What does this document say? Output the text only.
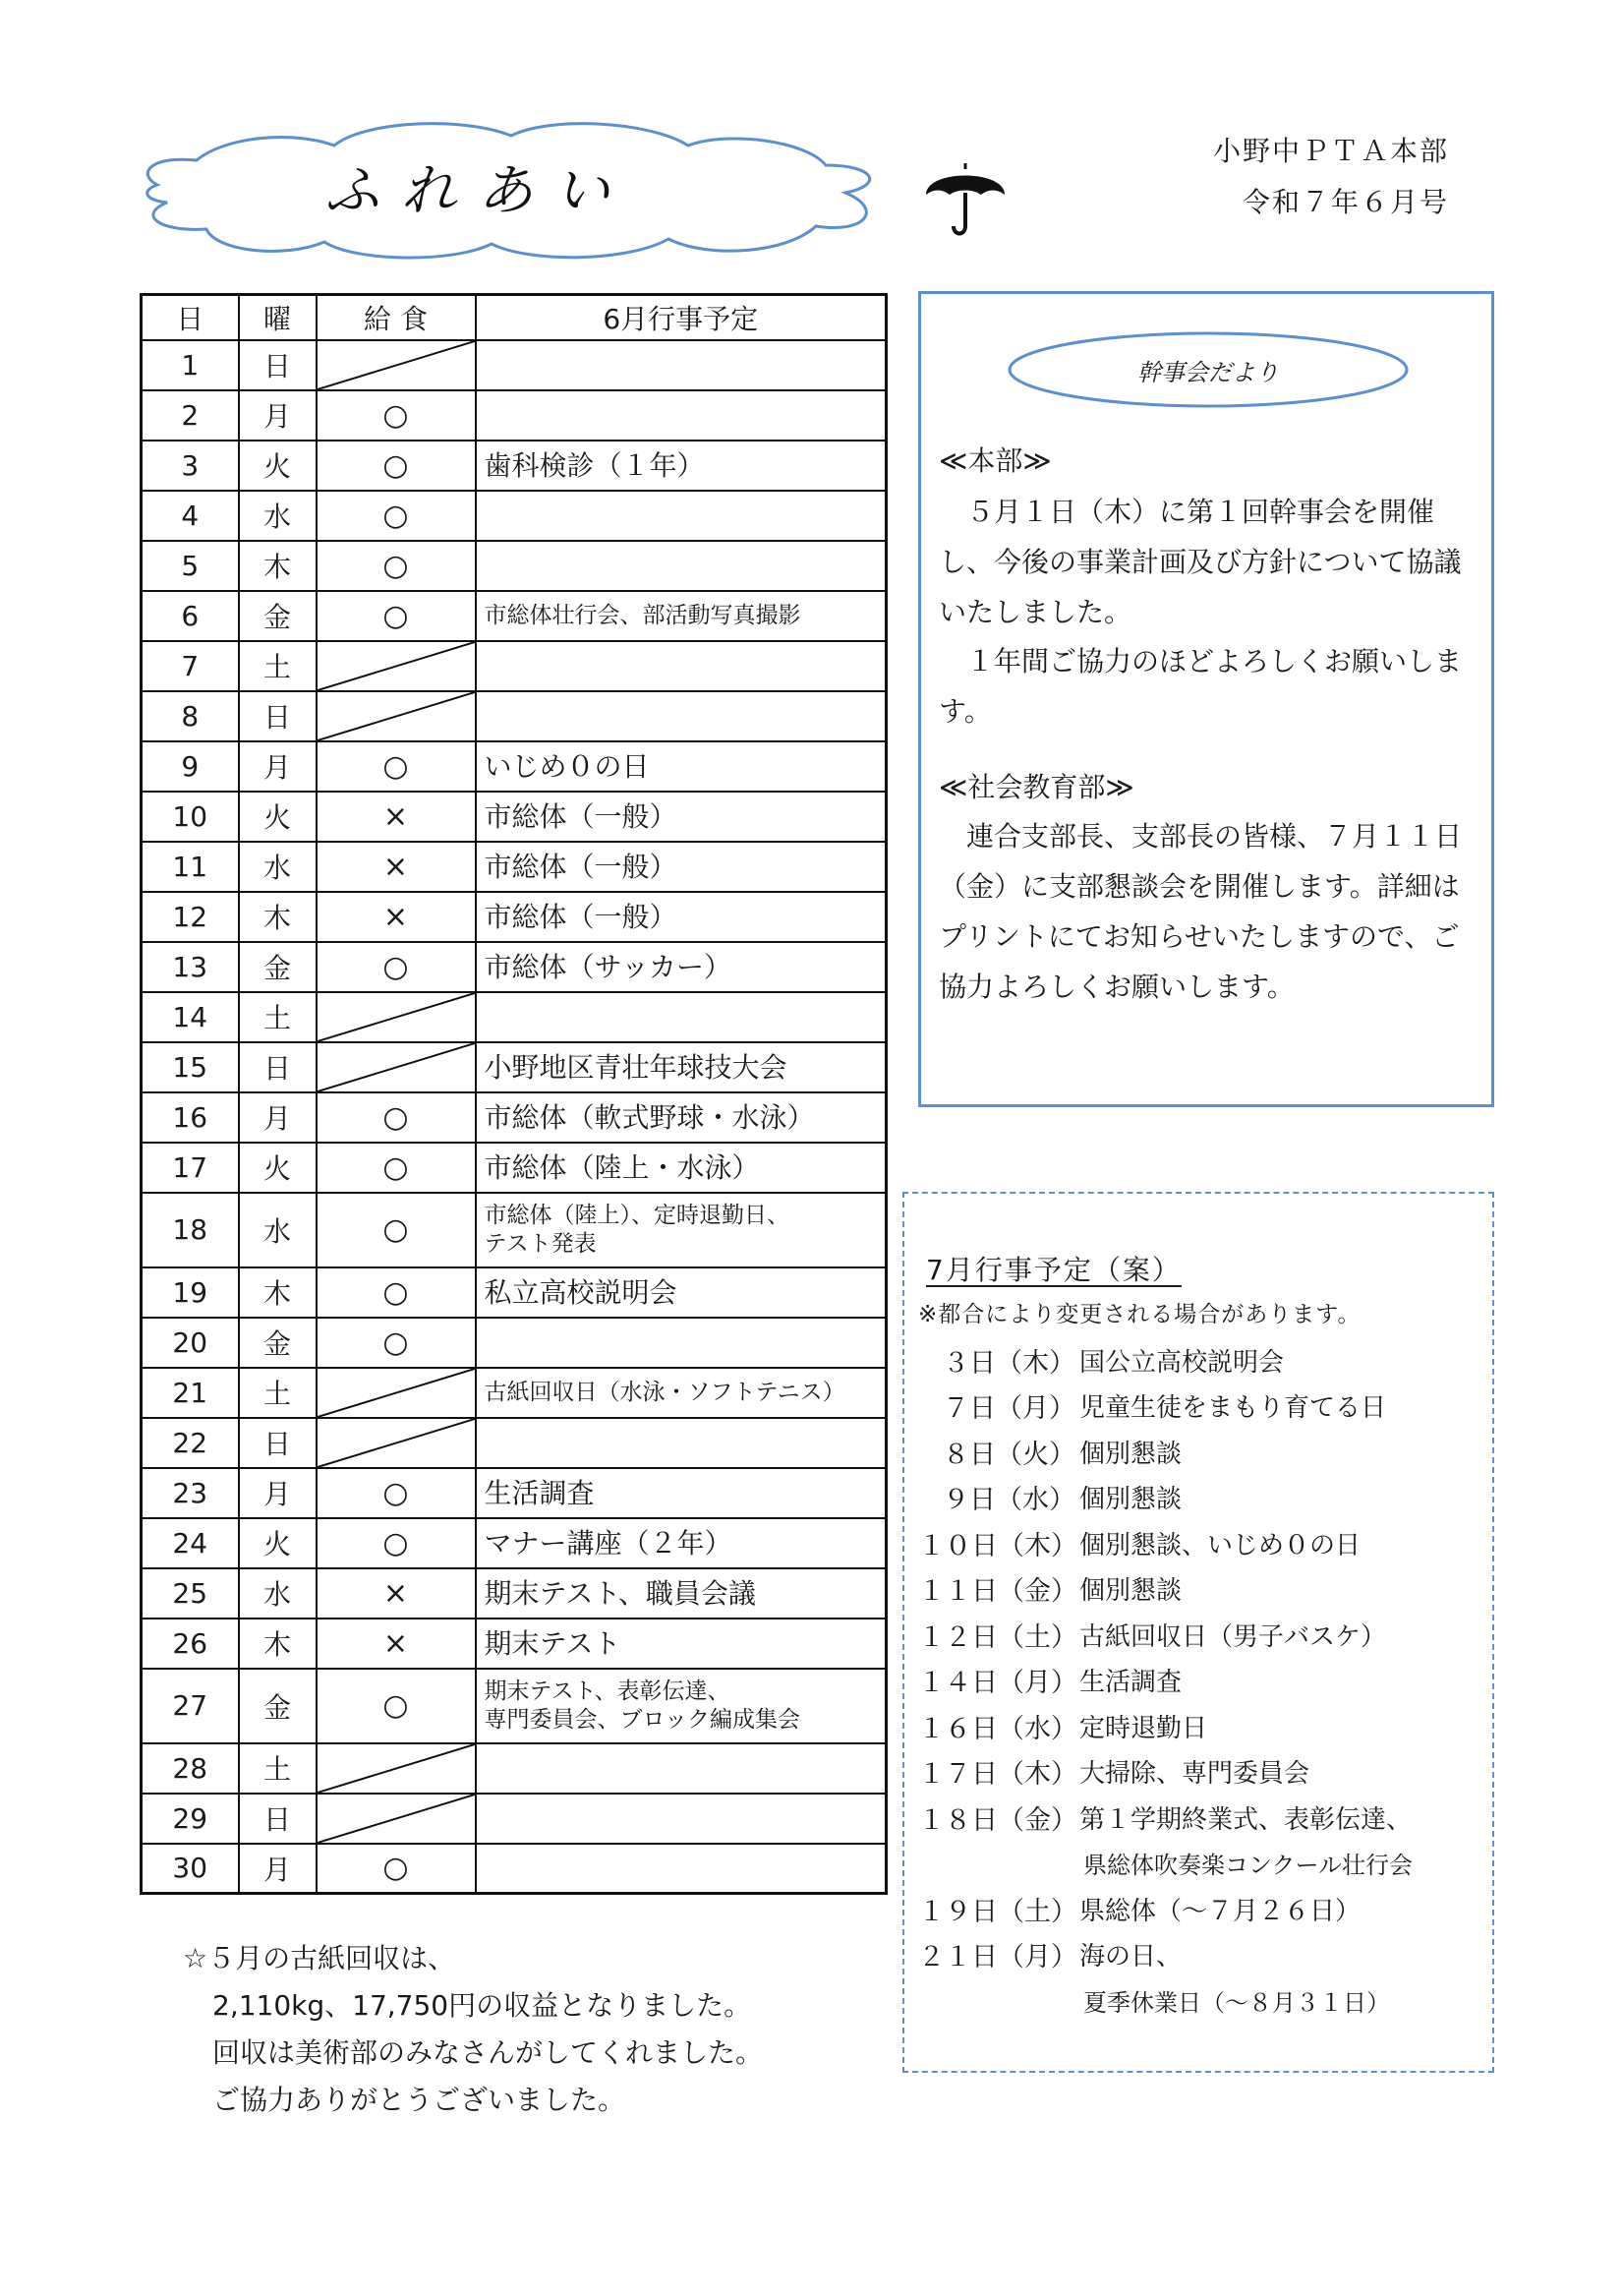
ふれあい
小野中ＰＴＡ本部
令和７年６月号
日	曜	給 食	6月行事予定
1	日	

2	月	○	

3	火	○	歯科検診（１年）

4	水	○	

5	木	○	

6	金	○	市総体壮行会、部活動写真撮影

7	土	

8	日	

9	月	○	いじめ０の日

10	火	×	市総体（一般）

11	水	×	市総体（一般）

12	木	×	市総体（一般）

13	金	○	市総体（サッカー）

14	土	

15	日		小野地区青壮年球技大会

16	月	○	市総体（軟式野球・水泳）

17	火	○	市総体（陸上・水泳）

18	水	○	市総体（陸上）、定時退勤日、
テスト発表

19	木	○	私立高校説明会

20	金	○	

21	土		古紙回収日（水泳・ソフトテニス）

22	日	

23	月	○	生活調査

24	火	○	マナー講座（２年）

25	水	×	期末テスト、職員会議

26	木	×	期末テスト

27	金	○	期末テスト、表彰伝達、
専門委員会、ブロック編成集会

28	土	

29	日	

30	月	○	
幹事会だより
≪本部≫
　５月１日（木）に第１回幹事会を開催し、今後の事業計画及び方針について協議いたしました。
　１年間ご協力のほどよろしくお願いします。
≪社会教育部≫
　連合支部長、支部長の皆様、７月１１日（金）に支部懇談会を開催します。詳細はプリントにてお知らせいたしますので、ご協力よろしくお願いします。
7月行事予定（案）
※都合により変更される場合があります。
３日（木） 国公立高校説明会
７日（月） 児童生徒をまもり育てる日
８日（火） 個別懇談
９日（水） 個別懇談
１０日（木） 個別懇談、いじめ０の日
１１日（金） 個別懇談
１２日（土） 古紙回収日（男子バスケ）
１４日（月） 生活調査
１６日（水） 定時退勤日
１７日（木） 大掃除、専門委員会
１８日（金） 第１学期終業式、表彰伝達、
県総体吹奏楽コンクール壮行会
１９日（土） 県総体（～７月２６日）
２１日（月） 海の日、
夏季休業日（～８月３１日）
☆５月の古紙回収は、
2,110kg、17,750円の収益となりました。
回収は美術部のみなさんがしてくれました。
ご協力ありがとうございました。
